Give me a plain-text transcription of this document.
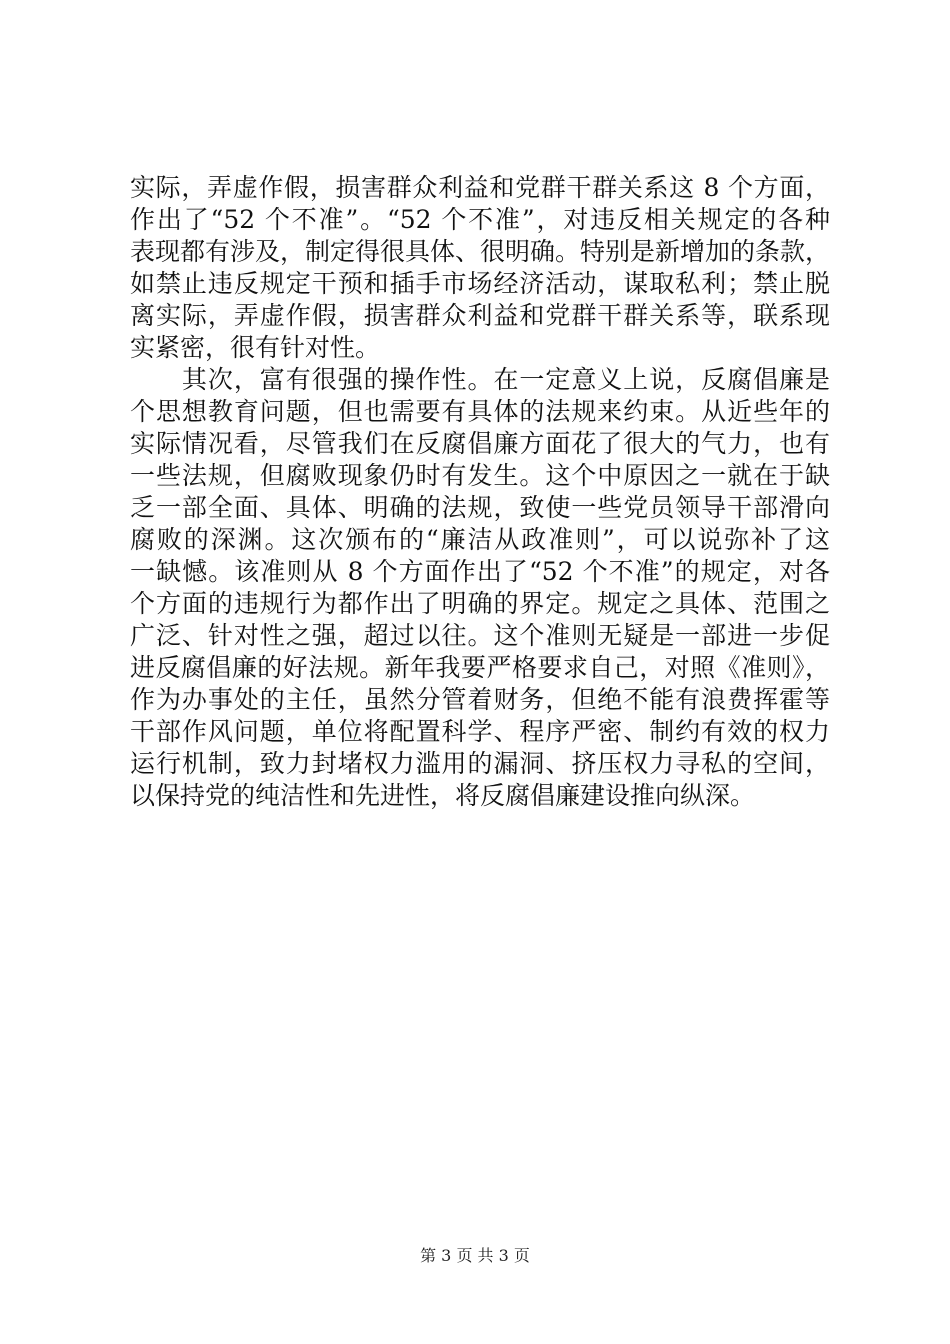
实际，弄虚作假，损害群众利益和党群干群关系这 8 个方面，
作出了“52 个不准”。“52 个不准”，对违反相关规定的各种
表现都有涉及，制定得很具体、很明确。特别是新增加的条款，
如禁止违反规定干预和插手市场经济活动，谋取私利；禁止脱
离实际，弄虚作假，损害群众利益和党群干群关系等，联系现
实紧密，很有针对性。
　　其次，富有很强的操作性。在一定意义上说，反腐倡廉是
个思想教育问题，但也需要有具体的法规来约束。从近些年的
实际情况看，尽管我们在反腐倡廉方面花了很大的气力，也有
一些法规，但腐败现象仍时有发生。这个中原因之一就在于缺
乏一部全面、具体、明确的法规，致使一些党员领导干部滑向
腐败的深渊。这次颁布的“廉洁从政准则”，可以说弥补了这
一缺憾。该准则从 8 个方面作出了“52 个不准”的规定，对各
个方面的违规行为都作出了明确的界定。规定之具体、范围之
广泛、针对性之强，超过以往。这个准则无疑是一部进一步促
进反腐倡廉的好法规。新年我要严格要求自己，对照《准则》，
作为办事处的主任，虽然分管着财务，但绝不能有浪费挥霍等
干部作风问题，单位将配置科学、程序严密、制约有效的权力
运行机制，致力封堵权力滥用的漏洞、挤压权力寻私的空间，
以保持党的纯洁性和先进性，将反腐倡廉建设推向纵深。
第 3 页 共 3 页
